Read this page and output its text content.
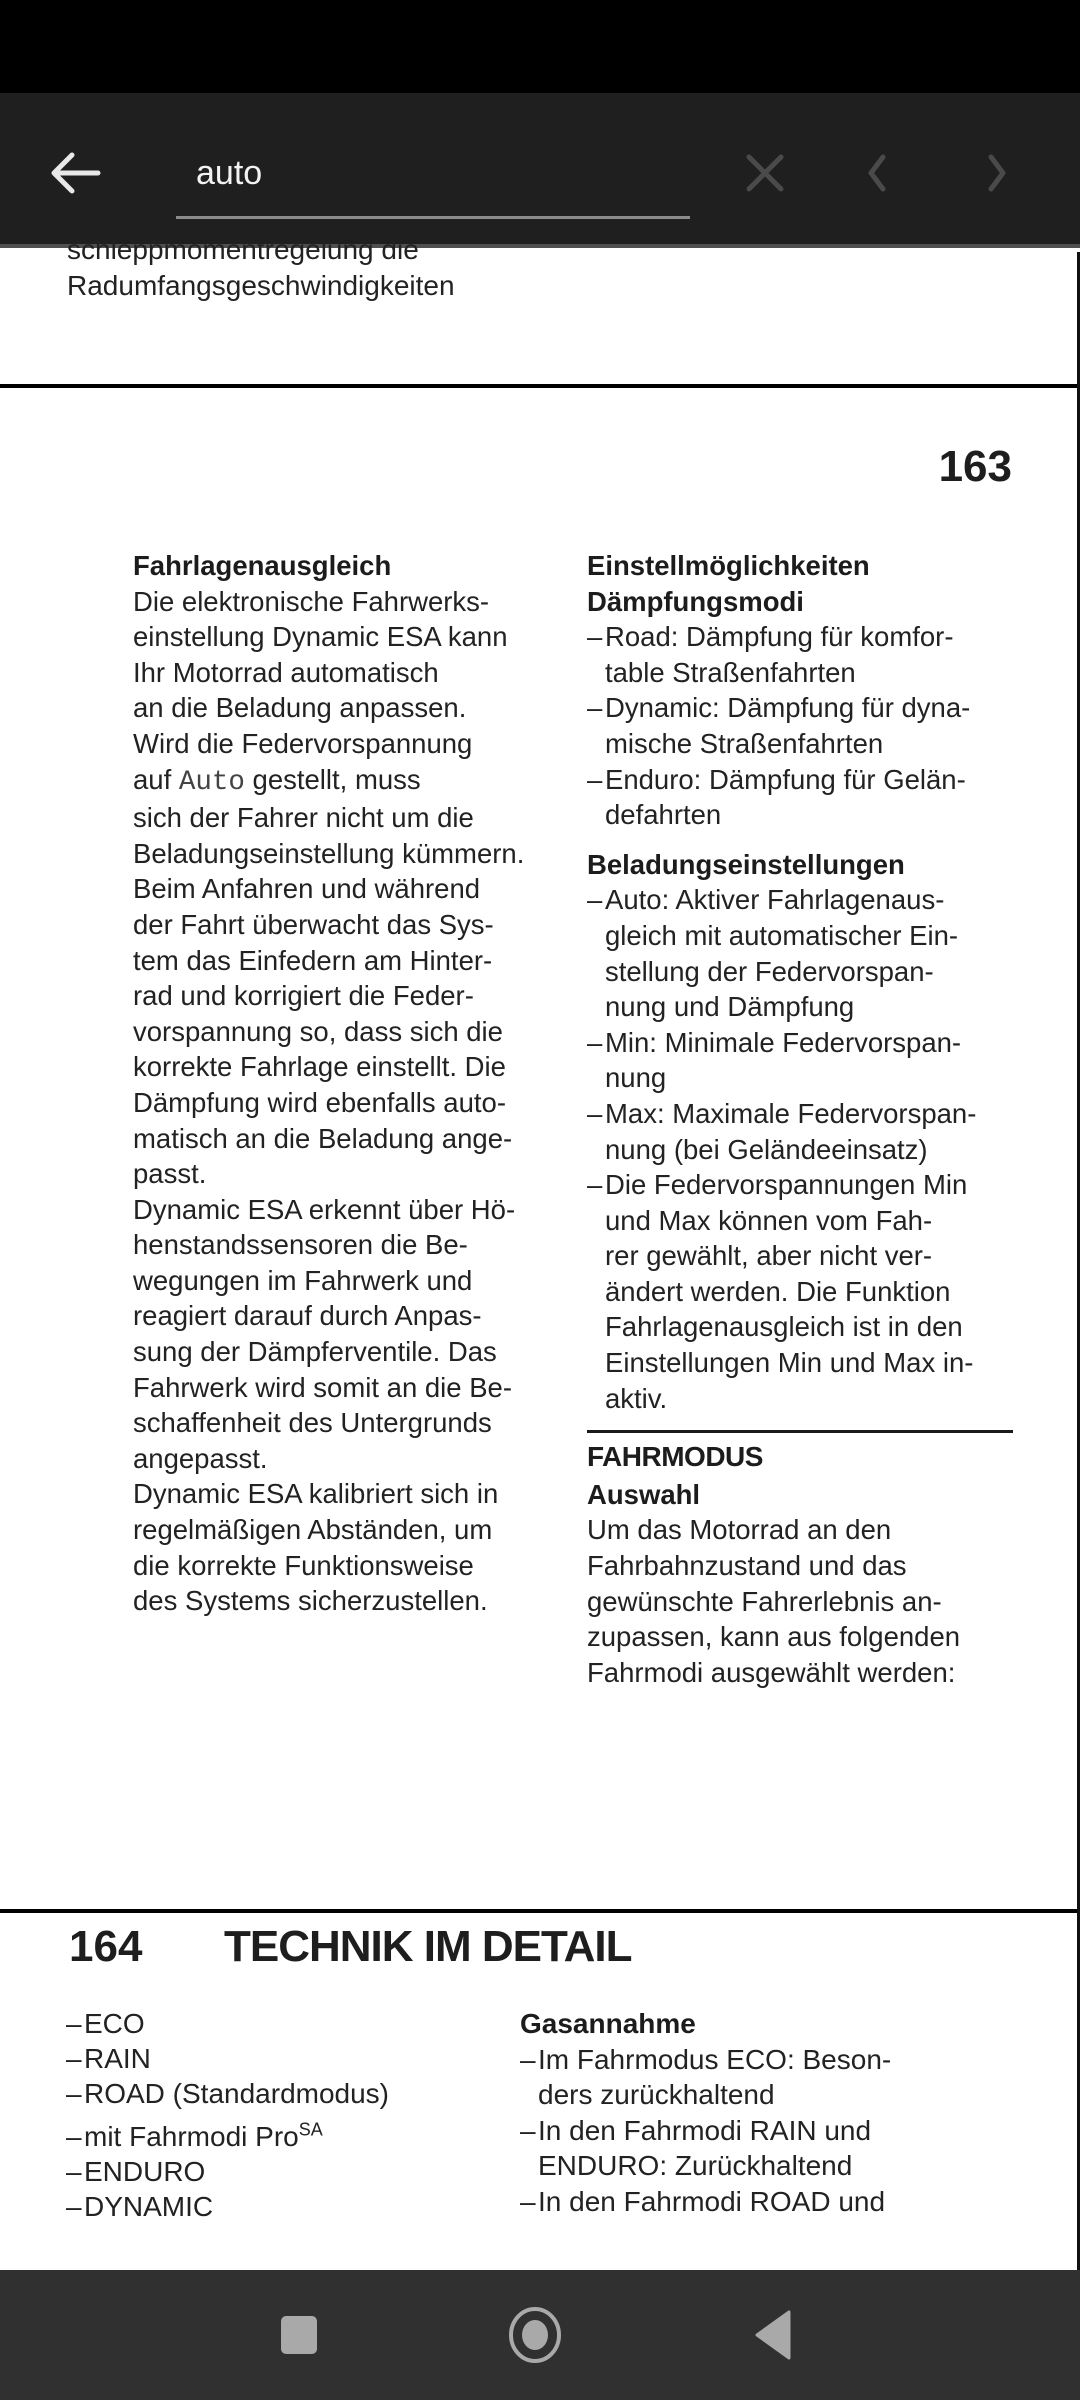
auto
schleppmomentregelung die
Radumfangsgeschwindigkeiten
163
Fahrlagenausgleich
Die elektronische Fahrwerks-
einstellung Dynamic ESA kann
Ihr Motorrad automatisch
an die Beladung anpassen.
Wird die Federvorspannung
auf Auto gestellt, muss
sich der Fahrer nicht um die
Beladungseinstellung kümmern.
Beim Anfahren und während
der Fahrt überwacht das Sys-
tem das Einfedern am Hinter-
rad und korrigiert die Feder-
vorspannung so, dass sich die
korrekte Fahrlage einstellt. Die
Dämpfung wird ebenfalls auto-
matisch an die Beladung ange-
passt.
Dynamic ESA erkennt über Hö-
henstandssensoren die Be-
wegungen im Fahrwerk und
reagiert darauf durch Anpas-
sung der Dämpferventile. Das
Fahrwerk wird somit an die Be-
schaffenheit des Untergrunds
angepasst.
Dynamic ESA kalibriert sich in
regelmäßigen Abständen, um
die korrekte Funktionsweise
des Systems sicherzustellen.
Einstellmöglichkeiten
Dämpfungsmodi
– Road: Dämpfung für komfor-
table Straßenfahrten
– Dynamic: Dämpfung für dyna-
mische Straßenfahrten
– Enduro: Dämpfung für Gelän-
defahrten
Beladungseinstellungen
– Auto: Aktiver Fahrlagenaus-
gleich mit automatischer Ein-
stellung der Federvorspan-
nung und Dämpfung
– Min: Minimale Federvorspan-
nung
– Max: Maximale Federvorspan-
nung (bei Geländeeinsatz)
– Die Federvorspannungen Min
und Max können vom Fah-
rer gewählt, aber nicht ver-
ändert werden. Die Funktion
Fahrlagenausgleich ist in den
Einstellungen Min und Max in-
aktiv.
FAHRMODUS
Auswahl
Um das Motorrad an den
Fahrbahnzustand und das
gewünschte Fahrerlebnis an-
zupassen, kann aus folgenden
Fahrmodi ausgewählt werden:
164 TECHNIK IM DETAIL
– ECO
– RAIN
– ROAD (Standardmodus)
– mit Fahrmodi Pro$^{SA}$
– ENDURO
– DYNAMIC
Gasannahme
– Im Fahrmodus ECO: Beson-
ders zurückhaltend
– In den Fahrmodi RAIN und
ENDURO: Zurückhaltend
– In den Fahrmodi ROAD und
